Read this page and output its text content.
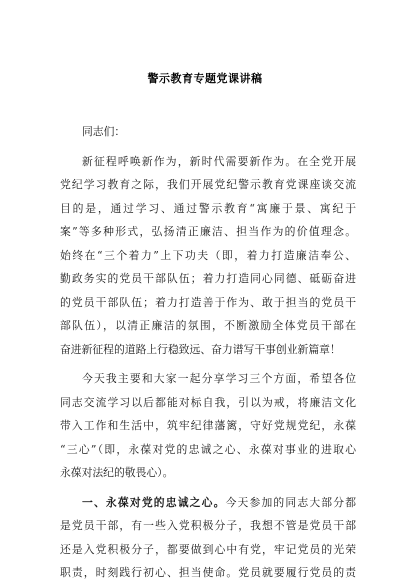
警示教育专题党课讲稿
同志们：
新征程呼唤新作为，新时代需要新作为。在全党开展
党纪学习教育之际，我们开展党纪警示教育党课座谈交流
目的是，通过学习、通过警示教育“寓廉于景、寓纪于
案”等多种形式，弘扬清正廉洁、担当作为的价值理念。
始终在“三个着力”上下功夫（即，着力打造廉洁奉公、
勤政务实的党员干部队伍；着力打造同心同德、砥砺奋进
的党员干部队伍；着力打造善于作为、敢于担当的党员干
部队伍），以清正廉洁的氛围，不断激励全体党员干部在
奋进新征程的道路上行稳致远、奋力谱写干事创业新篇章！
今天我主要和大家一起分享学习三个方面，希望各位
同志交流学习以后都能对标自我，引以为戒，将廉洁文化
带入工作和生活中，筑牢纪律藩篱，守好党规党纪，永葆
“三心”（即，永葆对党的忠诚之心、永葆对事业的进取心
永葆对法纪的敬畏心）。
一、永葆对党的忠诚之心。今天参加的同志大部分都
是党员干部，有一些入党积极分子，我想不管是党员干部
还是入党积极分子，都要做到心中有党，牢记党员的光荣
职责，时刻践行初心、担当使命。党员就要履行党员的责
